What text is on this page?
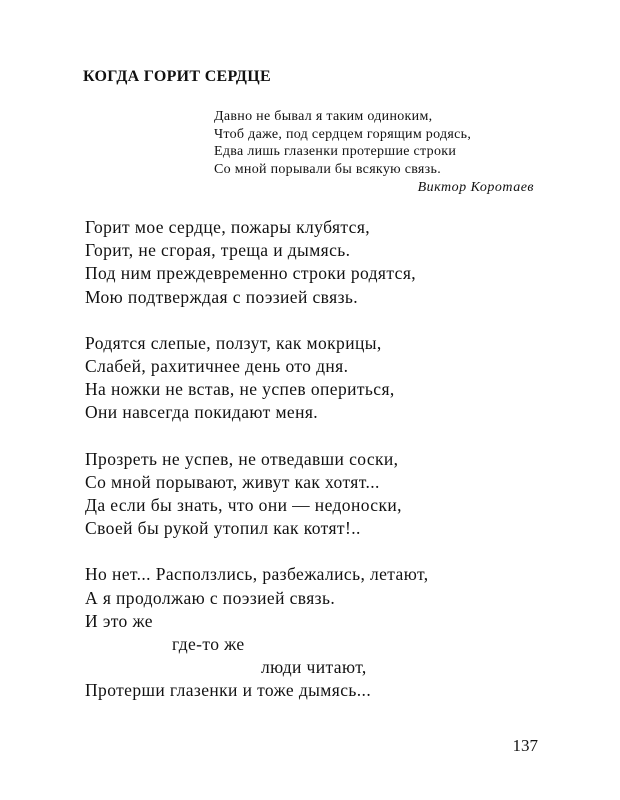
КОГДА ГОРИТ СЕРДЦЕ
Давно не бывал я таким одиноким,
Чтоб даже, под сердцем горящим родясь,
Едва лишь глазенки протершие строки
Со мной порывали бы всякую связь.
Виктор Коротаев
Горит мое сердце, пожары клубятся,
Горит, не сгорая, треща и дымясь.
Под ним преждевременно строки родятся,
Мою подтверждая с поэзией связь.
Родятся слепые, ползут, как мокрицы,
Слабей, рахитичнее день ото дня.
На ножки не встав, не успев опериться,
Они навсегда покидают меня.
Прозреть не успев, не отведавши соски,
Со мной порывают, живут как хотят...
Да если бы знать, что они — недоноски,
Своей бы рукой утопил как котят!..
Но нет... Расползлись, разбежались, летают,
А я продолжаю с поэзией связь.
И это же
где-то же
люди читают,
Протерши глазенки и тоже дымясь...
137
